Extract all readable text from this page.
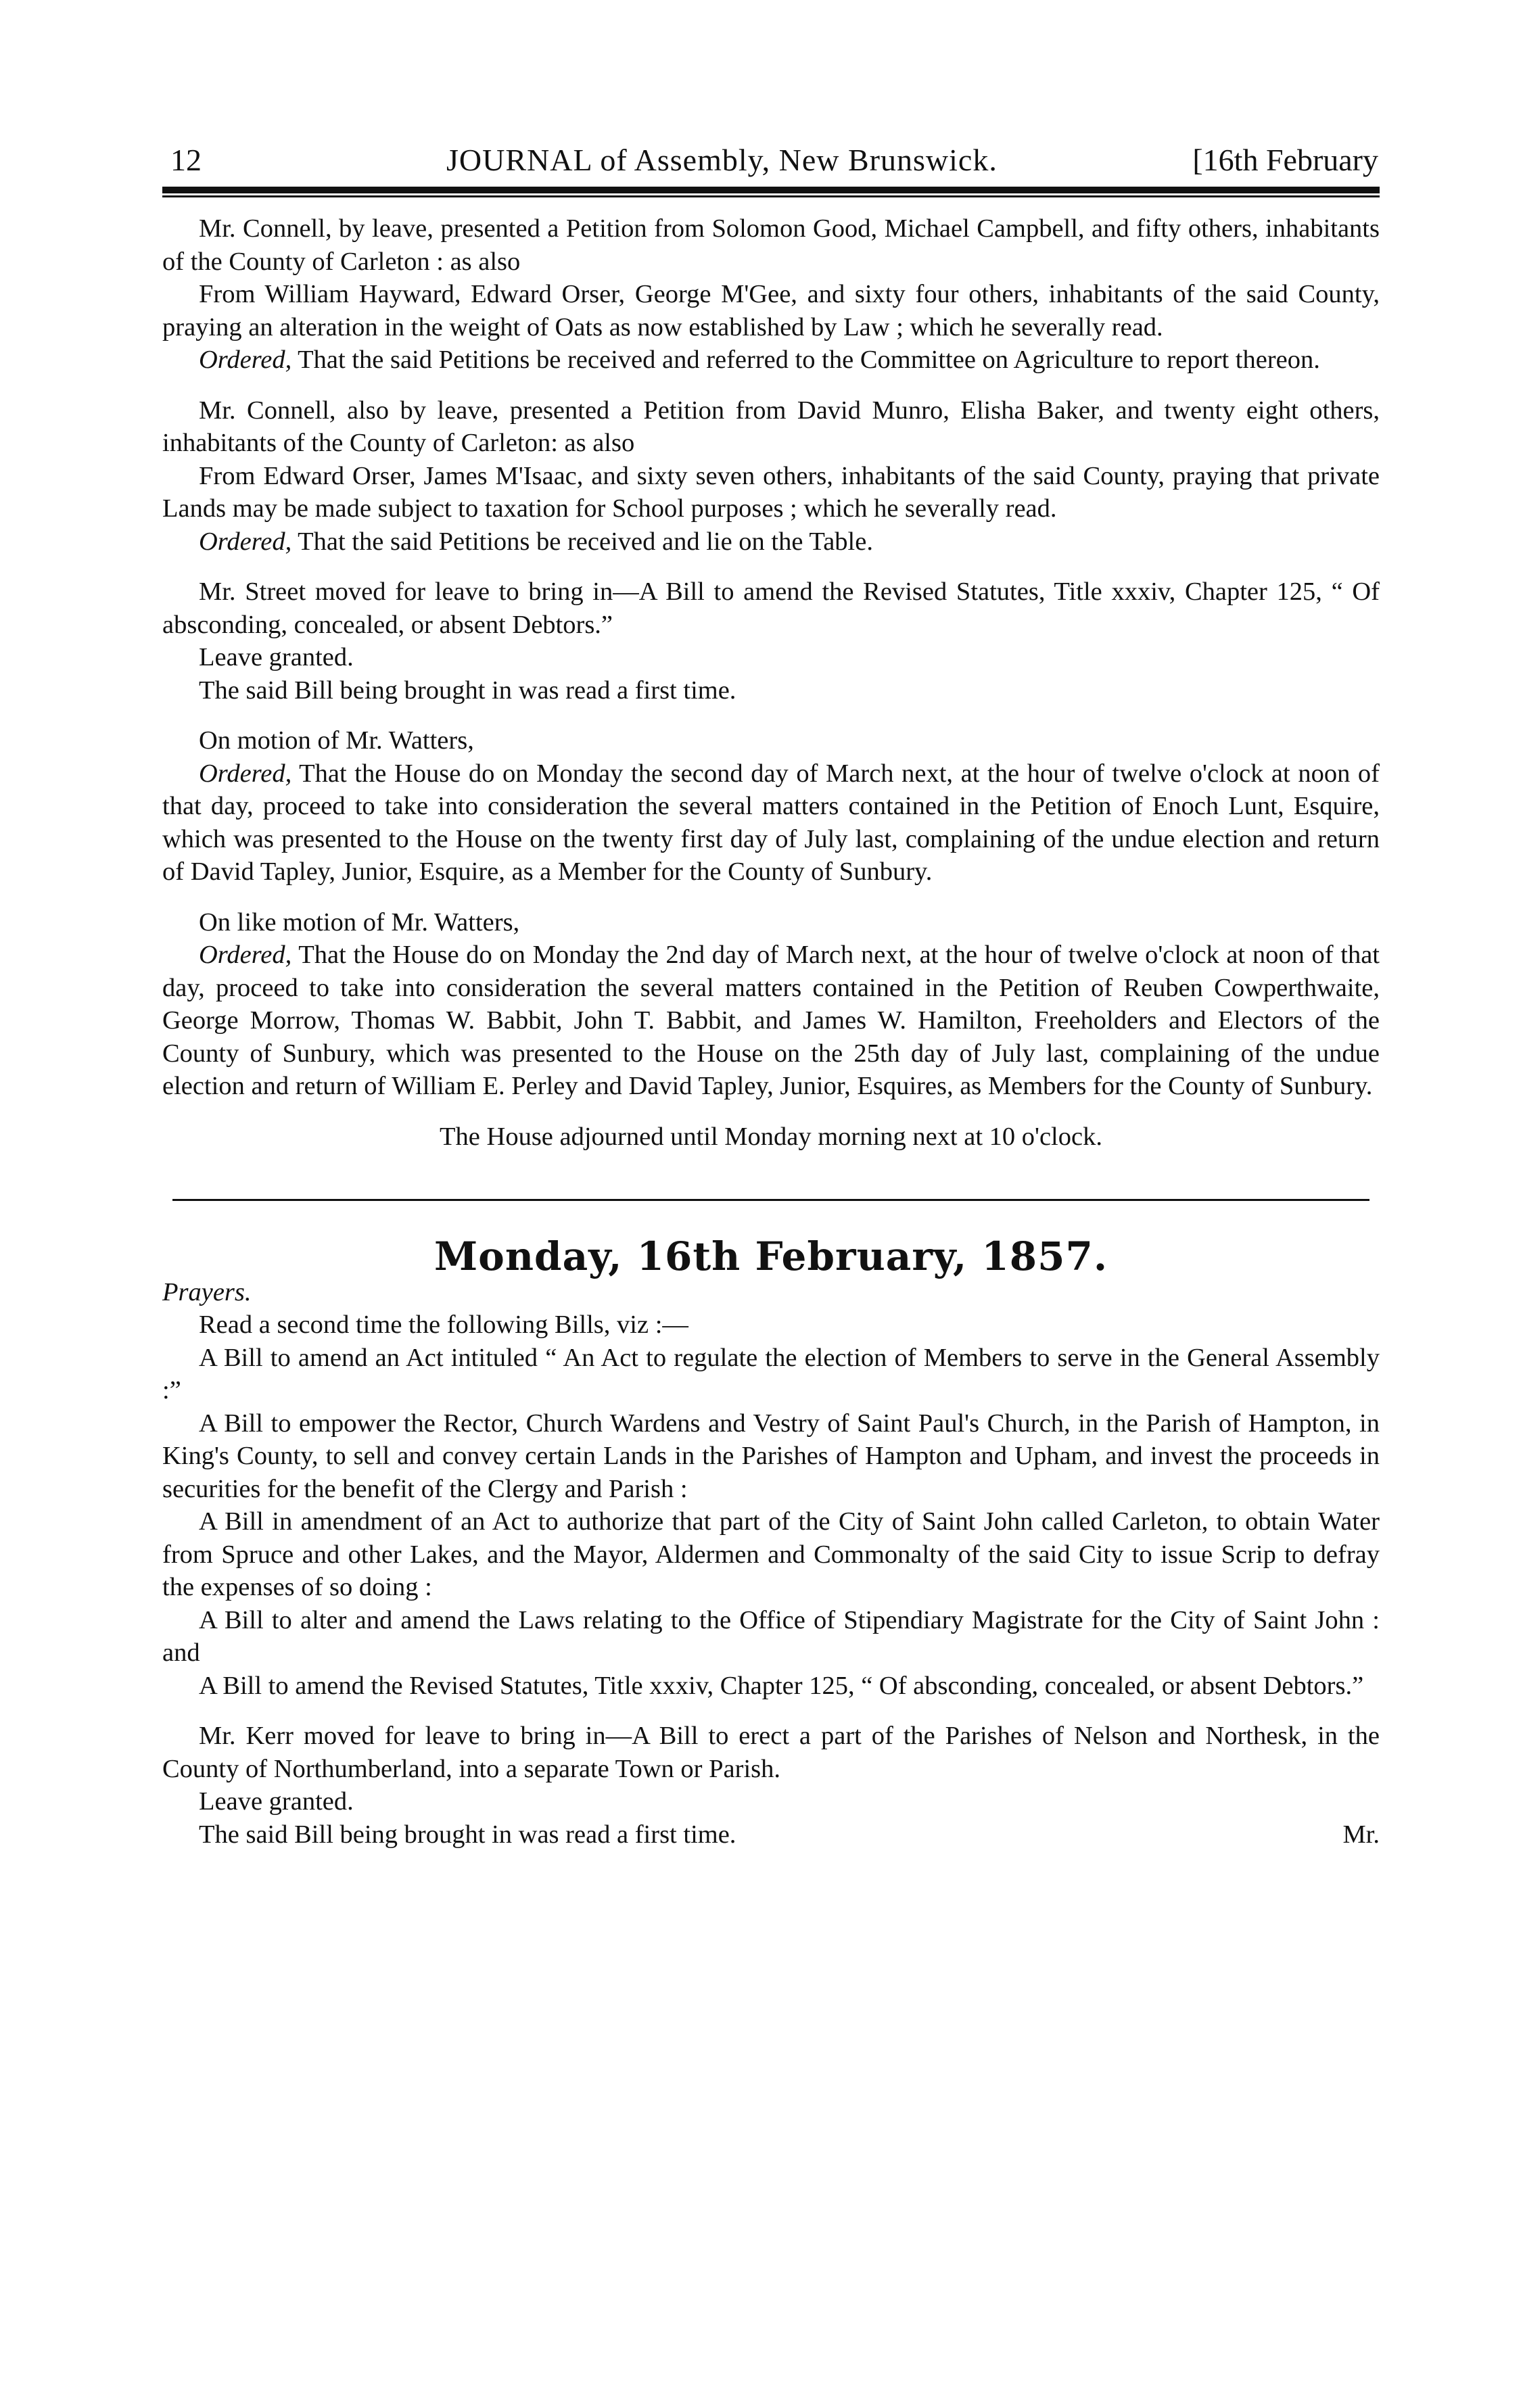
12	JOURNAL of Assembly, New Brunswick.	[16th February

Mr. Connell, by leave, presented a Petition from Solomon Good, Michael Campbell, and fifty others, inhabitants of the County of Carleton : as also

From William Hayward, Edward Orser, George M'Gee, and sixty four others, inhabitants of the said County, praying an alteration in the weight of Oats as now established by Law ; which he severally read.

Ordered, That the said Petitions be received and referred to the Committee on Agriculture to report thereon.

Mr. Connell, also by leave, presented a Petition from David Munro, Elisha Baker, and twenty eight others, inhabitants of the County of Carleton: as also

From Edward Orser, James M'Isaac, and sixty seven others, inhabitants of the said County, praying that private Lands may be made subject to taxation for School purposes ; which he severally read.

Ordered, That the said Petitions be received and lie on the Table.

Mr. Street moved for leave to bring in—A Bill to amend the Revised Statutes, Title xxxiv, Chapter 125, “ Of absconding, concealed, or absent Debtors.”

Leave granted.

The said Bill being brought in was read a first time.

On motion of Mr. Watters,

Ordered, That the House do on Monday the second day of March next, at the hour of twelve o'clock at noon of that day, proceed to take into consideration the several matters contained in the Petition of Enoch Lunt, Esquire, which was presented to the House on the twenty first day of July last, complaining of the undue election and return of David Tapley, Junior, Esquire, as a Member for the County of Sunbury.

On like motion of Mr. Watters,

Ordered, That the House do on Monday the 2nd day of March next, at the hour of twelve o'clock at noon of that day, proceed to take into consideration the several matters contained in the Petition of Reuben Cowperthwaite, George Morrow, Thomas W. Babbit, John T. Babbit, and James W. Hamilton, Freeholders and Electors of the County of Sunbury, which was presented to the House on the 25th day of July last, complaining of the undue election and return of William E. Perley and David Tapley, Junior, Esquires, as Members for the County of Sunbury.

The House adjourned until Monday morning next at 10 o'clock.

Monday, 16th February, 1857.

Prayers.

Read a second time the following Bills, viz :—

A Bill to amend an Act intituled “ An Act to regulate the election of Members to serve in the General Assembly :”

A Bill to empower the Rector, Church Wardens and Vestry of Saint Paul's Church, in the Parish of Hampton, in King's County, to sell and convey certain Lands in the Parishes of Hampton and Upham, and invest the proceeds in securities for the benefit of the Clergy and Parish :

A Bill in amendment of an Act to authorize that part of the City of Saint John called Carleton, to obtain Water from Spruce and other Lakes, and the Mayor, Aldermen and Commonalty of the said City to issue Scrip to defray the expenses of so doing :

A Bill to alter and amend the Laws relating to the Office of Stipendiary Magistrate for the City of Saint John : and

A Bill to amend the Revised Statutes, Title xxxiv, Chapter 125, “ Of absconding, concealed, or absent Debtors.”

Mr. Kerr moved for leave to bring in—A Bill to erect a part of the Parishes of Nelson and Northesk, in the County of Northumberland, into a separate Town or Parish.

Leave granted.

The said Bill being brought in was read a first time.	Mr.
